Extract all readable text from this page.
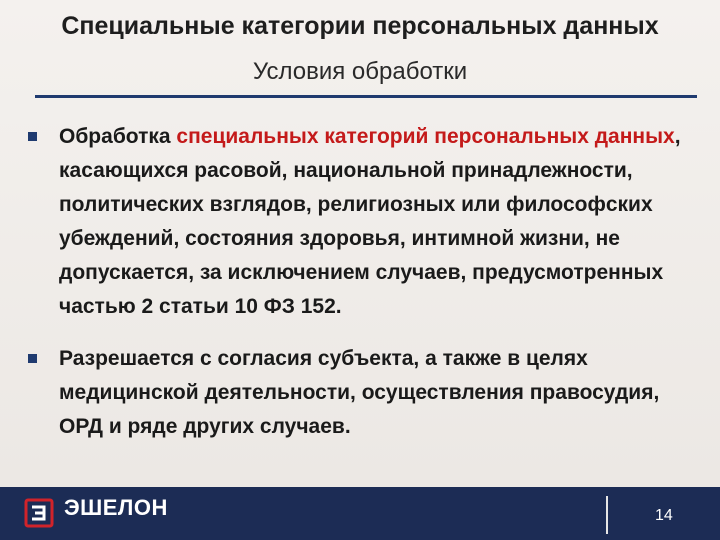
Специальные категории персональных данных
Условия обработки
Обработка специальных категорий персональных данных, касающихся расовой, национальной принадлежности, политических взглядов, религиозных или философских убеждений, состояния здоровья, интимной жизни, не допускается, за исключением случаев, предусмотренных частью 2 статьи 10 ФЗ 152.
Разрешается с согласия субъекта, а также в целях медицинской деятельности, осуществления правосудия, ОРД и ряде других случаев.
ЭШЕЛОН	14
